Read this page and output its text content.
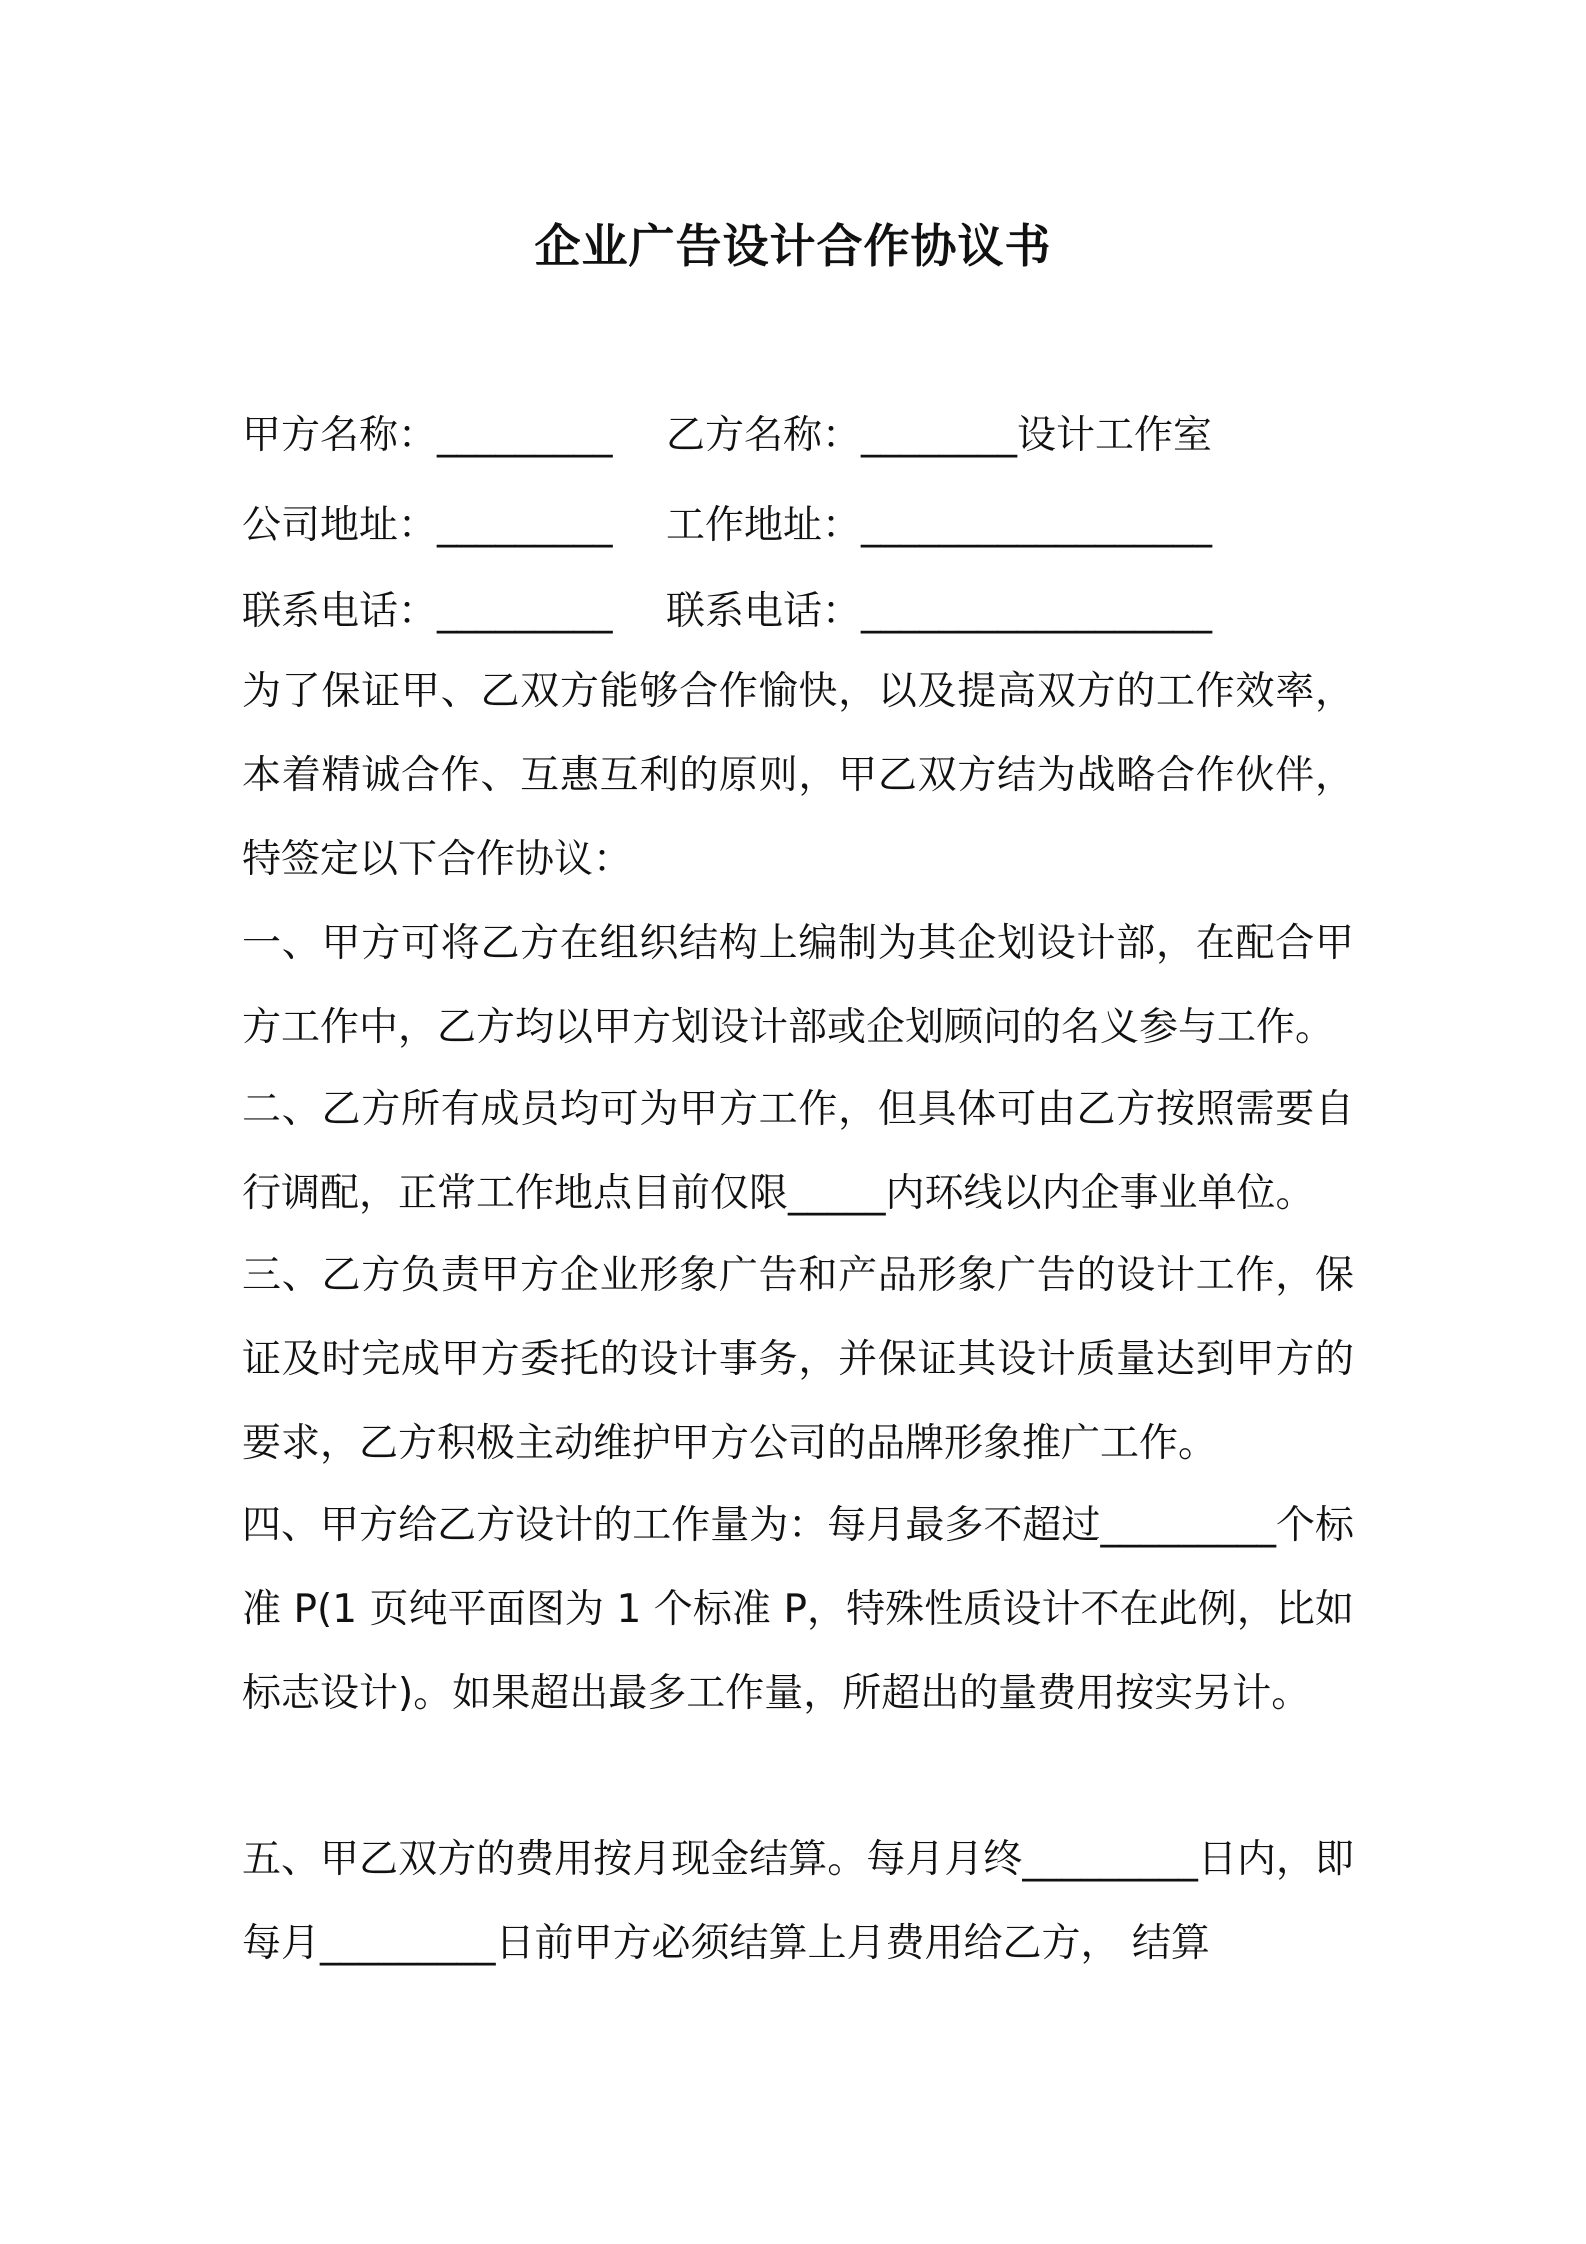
企业广告设计合作协议书
甲方名称：_________ 乙方名称：________设计工作室
公司地址：_________ 工作地址：__________________
联系电话：_________ 联系电话：__________________

为了保证甲、乙双方能够合作愉快，以及提高双方的工作效率，本着精诚合作、互惠互利的原则，甲乙双方结为战略合作伙伴，特签定以下合作协议：

一、甲方可将乙方在组织结构上编制为其企划设计部，在配合甲方工作中，乙方均以甲方划设计部或企划顾问的名义参与工作。

二、乙方所有成员均可为甲方工作，但具体可由乙方按照需要自行调配，正常工作地点目前仅限_____内环线以内企事业单位。

三、乙方负责甲方企业形象广告和产品形象广告的设计工作，保证及时完成甲方委托的设计事务，并保证其设计质量达到甲方的要求，乙方积极主动维护甲方公司的品牌形象推广工作。

四、甲方给乙方设计的工作量为：每月最多不超过_________个标准 P(1 页纯平面图为 1 个标准 P，特殊性质设计不在此例，比如标志设计)。如果超出最多工作量，所超出的量费用按实另计。

五、甲乙双方的费用按月现金结算。每月月终_________日内，即每月_________日前甲方必须结算上月费用给乙方， 结算
